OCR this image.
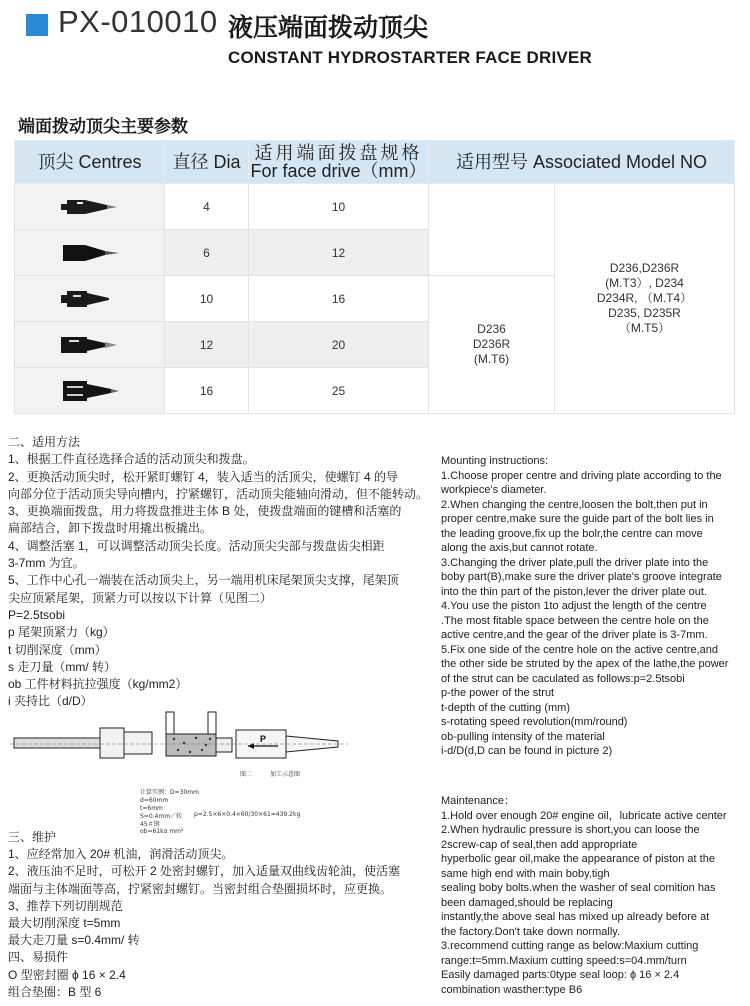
PX-010010 液压端面拨动顶尖
CONSTANT HYDROSTARTER FACE DRIVER
端面拨动顶尖主要参数
顶尖 Centres	直径 Dia	适用端面拨盘规格
For face drive（mm）	适用型号 Associated Model NO	

	4	10		D236,D236R
(M.T3）, D234
D234R, （M.T4）
D235, D235R
（M.T5）

	6	12		

	10	16	D236
D236R
(M.T6)	

	12	20		

	16	25		
二、适用方法
1、根据工件直径选择合适的活动顶尖和拨盘。
2、更换活动顶尖时，松开紧盯螺钉 4，装入适当的活顶尖，使螺钉 4 的导
向部分位于活动顶尖导向槽内，拧紧螺钉，活动顶尖能轴向滑动，但不能转动。
3、更换端面拨盘，用力将拨盘推进主体 B 处，使拨盘端面的键槽和活塞的
扁部结合，卸下拨盘时用撬出板撬出。
4、调整活塞 1，可以调整活动顶尖长度。活动顶尖尖部与拨盘齿尖相距
3-7mm 为宜。
5、工作中心孔一端装在活动顶尖上，另一端用机床尾架顶尖支撑，尾架顶
尖应顶紧尾架，顶紧力可以按以下计算（见图二）
P=2.5tsobi
p 尾架顶紧力（kg）
t 切削深度（mm）
s 走刀量（mm/ 转）
ob 工件材料抗拉强度（kg/mm2）
i 夹持比（d/D）
P
图二	加工示意图
计算实例：D=30mm
d=60mm
t=6mm
S=0.4mm／转
45＃钢
ob=61kg mm²
p=2.5×6×0.4×60/30×61=439.2kg
Mounting instructions:
1.Choose proper centre and driving plate according to the
workpiece's diameter.
2.When changing the centre,loosen the bolt,then put in
proper centre,make sure the guide part of the bolt lies in
the leading groove,fix up the bolr,the centre can move
along the axis,but cannot rotate.
3.Changing the driver plate,pull the driver plate into the
boby part(B),make sure the driver plate's groove integrate
into the thin part of the piston,lever the driver plate out.
4.You use the piston 1to adjust the length of the centre
.The most fitable space between the centre hole on the
active centre,and the gear of the driver plate is 3-7mm.
5.Fix one side of the centre hole on the active centre,and
the other side be struted by the apex of the lathe,the power
of the strut can be caculated as follows:p=2.5tsobi
p-the power of the strut
t-depth of the cutting (mm)
s-rotating speed revolution(mm/round)
ob-pulling intensity of the material
i-d/D(d,D can be found in picture 2)
Maintenance：
1.Hold over enough 20# engine oil，lubricate active center
2.When hydraulic pressure is short,you can loose the
2screw-cap of seal,then add appropriate
hyperbolic gear oil,make the appearance of piston at the
same high end with main boby,tigh
sealing boby bolts.when the washer of seal comition has
been damaged,should be replacing
instantly,the above seal has mixed up already before at
the factory.Don't take down normally.
3.recommend cutting range as below:Maxium cutting
range:t=5mm.Maxium cutting speed:s=04.mm/turn
Easily damaged parts:0type seal loop: ϕ 16 × 2.4
combination wasther:type B6
三、维护
1、应经常加入 20# 机油，润滑活动顶尖。
2、液压油不足时，可松开 2 处密封螺钉，加入适量双曲线齿轮油，使活塞
端面与主体端面等高，拧紧密封螺钉。当密封组合垫圈损坏时，应更换。
3、推荐下列切削规范
最大切削深度 t=5mm
最大走刀量 s=0.4mm/ 转
四、易损件
O 型密封圈 ϕ 16 × 2.4
组合垫圈：B 型 6
